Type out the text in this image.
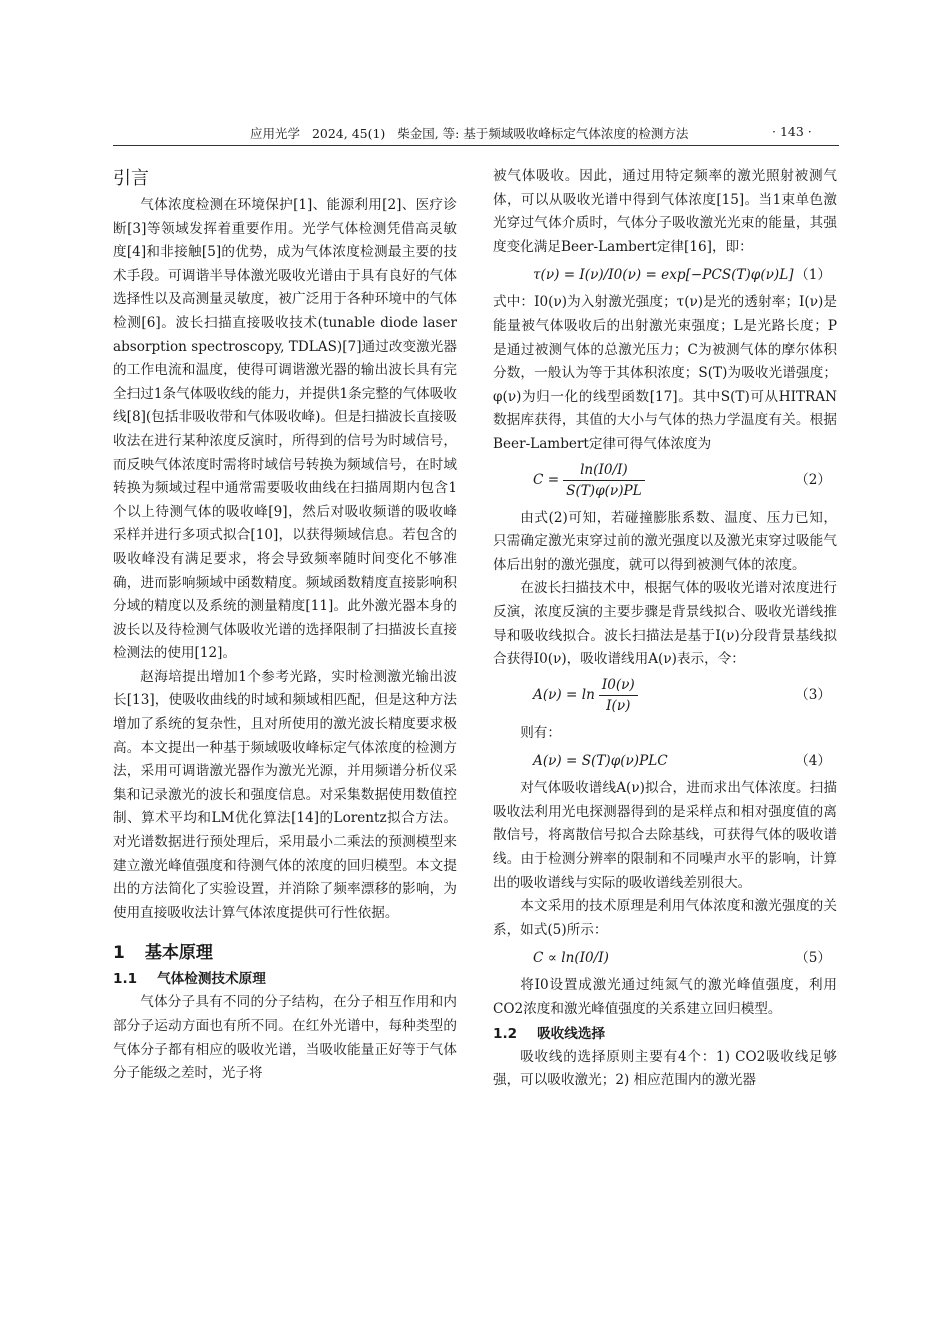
应用光学 2024, 45(1) 柴金国, 等: 基于频域吸收峰标定气体浓度的检测方法	· 143 ·
引言

气体浓度检测在环境保护[1]、能源利用[2]、医疗诊断[3]等领域发挥着重要作用。光学气体检测凭借高灵敏度[4]和非接触[5]的优势，成为气体浓度检测最主要的技术手段。可调谐半导体激光吸收光谱由于具有良好的气体选择性以及高测量灵敏度，被广泛用于各种环境中的气体检测[6]。波长扫描直接吸收技术(tunable diode laser absorption spectroscopy, TDLAS)[7]通过改变激光器的工作电流和温度，使得可调谐激光器的输出波长具有完全扫过1条气体吸收线的能力，并提供1条完整的气体吸收线[8](包括非吸收带和气体吸收峰)。但是扫描波长直接吸收法在进行某种浓度反演时，所得到的信号为时域信号，而反映气体浓度时需将时域信号转换为频域信号，在时域转换为频域过程中通常需要吸收曲线在扫描周期内包含1个以上待测气体的吸收峰[9]，然后对吸收频谱的吸收峰采样并进行多项式拟合[10]，以获得频域信息。若包含的吸收峰没有满足要求，将会导致频率随时间变化不够准确，进而影响频域中函数精度。频域函数精度直接影响积分域的精度以及系统的测量精度[11]。此外激光器本身的波长以及待检测气体吸收光谱的选择限制了扫描波长直接检测法的使用[12]。

赵海培提出增加1个参考光路，实时检测激光输出波长[13]，使吸收曲线的时域和频域相匹配，但是这种方法增加了系统的复杂性，且对所使用的激光波长精度要求极高。本文提出一种基于频域吸收峰标定气体浓度的检测方法，采用可调谐激光器作为激光光源，并用频谱分析仪采集和记录激光的波长和强度信息。对采集数据使用数值控制、算术平均和LM优化算法[14]的Lorentz拟合方法。对光谱数据进行预处理后，采用最小二乘法的预测模型来建立激光峰值强度和待测气体的浓度的回归模型。本文提出的方法简化了实验设置，并消除了频率漂移的影响，为使用直接吸收法计算气体浓度提供可行性依据。

1 基本原理
1.1 气体检测技术原理

气体分子具有不同的分子结构，在分子相互作用和内部分子运动方面也有所不同。在红外光谱中，每种类型的气体分子都有相应的吸收光谱，当吸收能量正好等于气体分子能级之差时，光子将

被气体吸收。因此，通过用特定频率的激光照射被测气体，可以从吸收光谱中得到气体浓度[15]。当1束单色激光穿过气体介质时，气体分子吸收激光光束的能量，其强度变化满足Beer-Lambert定律[16]，即：

τ(ν) = I(ν)/I0(ν) = exp[−PCS(T)φ(ν)L] （1）

式中：I0(ν)为入射激光强度；τ(ν)是光的透射率；I(ν)是能量被气体吸收后的出射激光束强度；L是光路长度；P是通过被测气体的总激光压力；C为被测气体的摩尔体积分数，一般认为等于其体积浓度；S(T)为吸收光谱强度；φ(ν)为归一化的线型函数[17]。其中S(T)可从HITRAN数据库获得，其值的大小与气体的热力学温度有关。根据Beer-Lambert定律可得气体浓度为

$C = \frac{\ln(I0/I)}{S(T)\varphi(\nu)PL}$	（2）

由式(2)可知，若碰撞膨胀系数、温度、压力已知，只需确定激光束穿过前的激光强度以及激光束穿过吸能气体后出射的激光强度，就可以得到被测气体的浓度。

在波长扫描技术中，根据气体的吸收光谱对浓度进行反演，浓度反演的主要步骤是背景线拟合、吸收光谱线推导和吸收线拟合。波长扫描法是基于I(ν)分段背景基线拟合获得I0(ν)，吸收谱线用A(ν)表示，令：

$A(\nu) = \ln \frac{I0(\nu)}{I(\nu)}$	（3）

则有：

A(ν) = S(T)φ(ν)PLC	（4）

对气体吸收谱线A(ν)拟合，进而求出气体浓度。扫描吸收法利用光电探测器得到的是采样点和相对强度值的离散信号，将离散信号拟合去除基线，可获得气体的吸收谱线。由于检测分辨率的限制和不同噪声水平的影响，计算出的吸收谱线与实际的吸收谱线差别很大。

本文采用的技术原理是利用气体浓度和激光强度的关系，如式(5)所示：

C ∝ ln(I0/I)	（5）

将I0设置成激光通过纯氮气的激光峰值强度，利用CO2浓度和激光峰值强度的关系建立回归模型。

1.2 吸收线选择

吸收线的选择原则主要有4个：1) CO2吸收线足够强，可以吸收激光；2) 相应范围内的激光器
